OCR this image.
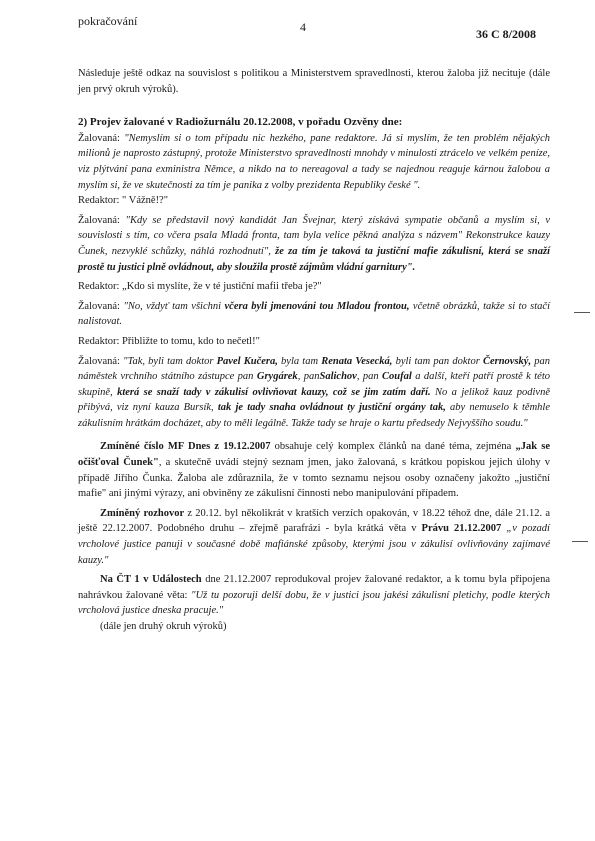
pokračování	4	36 C 8/2008

Následuje ještě odkaz na souvislost s politikou a Ministerstvem spravedlnosti, kterou žaloba již necituje (dále jen prvý okruh výroků).

2) Projev žalované v Radiožurnálu 20.12.2008, v pořadu Ozvěny dne:

Žalovaná: "Nemyslím si o tom případu nic hezkého, pane redaktore. Já si myslím, že ten problém nějakých milionů je naprosto zástupný, protože Ministerstvo spravedlnosti mnohdy v minulosti ztrácelo ve velkém peníze, viz plýtvání pana exministra Němce, a nikdo na to nereagoval a tady se najednou reaguje kárnou žalobou a myslím si, že ve skutečnosti za tím je panika z volby prezidenta Republiky české ".

Redaktor: " Vážně!?"

Žalovaná: "Kdy se představil nový kandidát Jan Švejnar, který získává sympatie občanů a myslím si, v souvislosti s tím, co včera psala Mladá fronta, tam byla velice pěkná analýza s názvem" Rekonstrukce kauzy Čunek, nezvyklé schůzky, náhlá rozhodnutí", že za tím je taková ta justiční mafie zákulisní, která se snaží prostě tu justici plně ovládnout, aby sloužila prostě zájmům vládní garnitury".

Redaktor: „Kdo si myslíte, že v té justiční mafii třeba je?"

Žalovaná: "No, vždyť tam všichni včera byli jmenováni tou Mladou frontou, včetně obrázků, takže si to stačí nalistovat.

Redaktor: Přibližte to tomu, kdo to nečetl!"

Žalovaná: "Tak, byli tam doktor Pavel Kučera, byla tam Renata Vesecká, byli tam pan doktor Černovský, pan náměstek vrchního státního zástupce pan Grygárek, panSalichov, pan Coufal a další, kteří patří prostě k této skupině, která se snaží tady v zákulisí ovlivňovat kauzy, což se jim zatím daří. No a jelikož kauz podivně přibývá, viz nyní kauza Bursík, tak je tady snaha ovládnout ty justiční orgány tak, aby nemuselo k těmhle zákulisním hrátkám docházet, aby to měli legálně. Takže tady se hraje o kartu předsedy Nejvyššího soudu."

Zmíněné číslo MF Dnes z 19.12.2007 obsahuje celý komplex článků na dané téma, zejména „Jak se očišťoval Čunek", a skutečně uvádí stejný seznam jmen, jako žalovaná, s krátkou popiskou jejich úlohy v případě Jiřího Čunka. Žaloba ale zdůraznila, že v tomto seznamu nejsou osoby označeny jakožto „justiční mafie" ani jinými výrazy, ani obviněny ze zákulisní činnosti nebo manipulování případem.

Zmíněný rozhovor z 20.12. byl několikrát v kratších verzích opakován, v 18.22 téhož dne, dále 21.12. a ještě 22.12.2007. Podobného druhu – zřejmě parafrázi - byla krátká věta v Právu 21.12.2007 „v pozadí vrcholové justice panuji v současné době mafiánské způsoby, kterými jsou v zákulisí ovlivňovány zajímavé kauzy."

Na ČT 1 v Událostech dne 21.12.2007 reprodukoval projev žalované redaktor, a k tomu byla připojena nahrávkou žalované věta: "Už tu pozoruji delší dobu, že v justici jsou jakési zákulisní pletichy, podle kterých vrcholová justice dneska pracuje."

(dále jen druhý okruh výroků)
